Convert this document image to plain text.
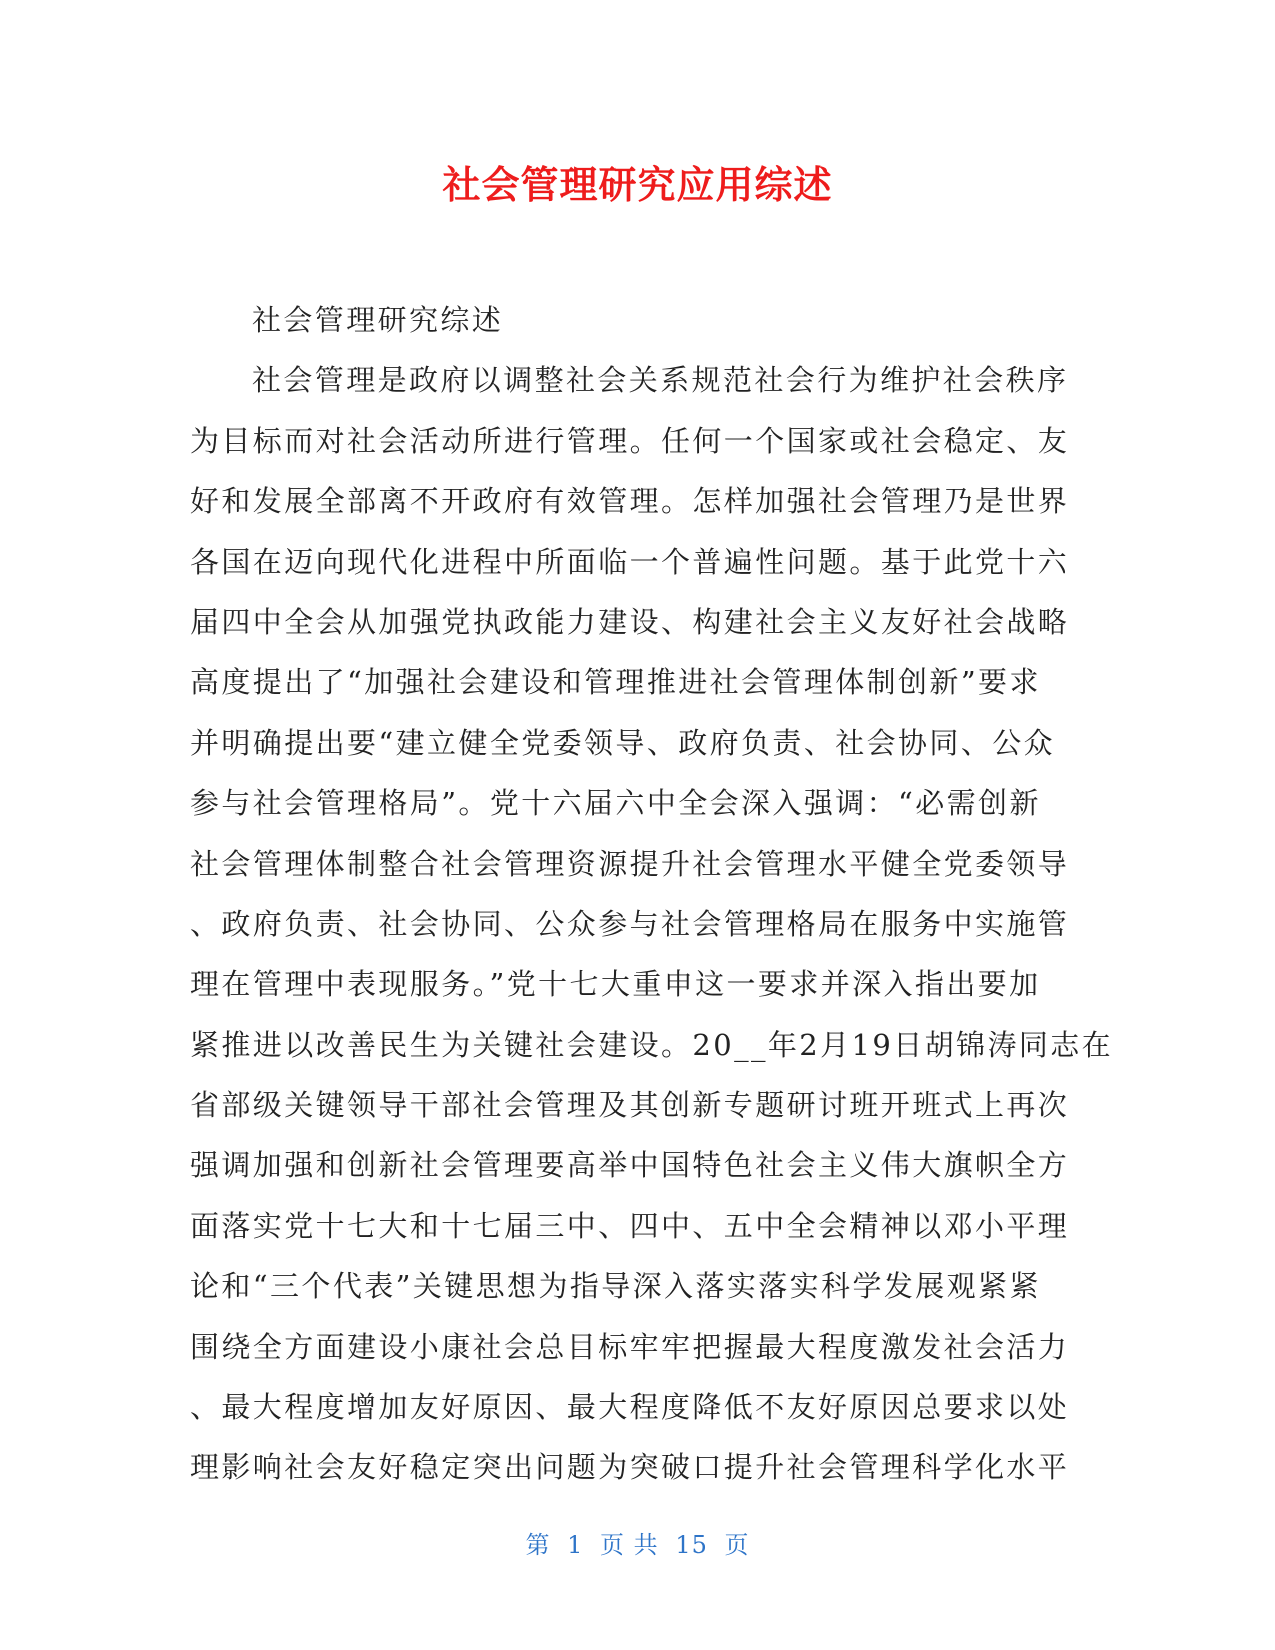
社会管理研究应用综述
社会管理研究综述
社会管理是政府以调整社会关系规范社会行为维护社会秩序
为目标而对社会活动所进行管理。任何一个国家或社会稳定、友
好和发展全部离不开政府有效管理。怎样加强社会管理乃是世界
各国在迈向现代化进程中所面临一个普遍性问题。基于此党十六
届四中全会从加强党执政能力建设、构建社会主义友好社会战略
高度提出了“加强社会建设和管理推进社会管理体制创新”要求
并明确提出要“建立健全党委领导、政府负责、社会协同、公众
参与社会管理格局”。党十六届六中全会深入强调：“必需创新
社会管理体制整合社会管理资源提升社会管理水平健全党委领导
、政府负责、社会协同、公众参与社会管理格局在服务中实施管
理在管理中表现服务。”党十七大重申这一要求并深入指出要加
紧推进以改善民生为关键社会建设。20__年2月19日胡锦涛同志在
省部级关键领导干部社会管理及其创新专题研讨班开班式上再次
强调加强和创新社会管理要高举中国特色社会主义伟大旗帜全方
面落实党十七大和十七届三中、四中、五中全会精神以邓小平理
论和“三个代表”关键思想为指导深入落实落实科学发展观紧紧
围绕全方面建设小康社会总目标牢牢把握最大程度激发社会活力
、最大程度增加友好原因、最大程度降低不友好原因总要求以处
理影响社会友好稳定突出问题为突破口提升社会管理科学化水平
第 1 页 共 15 页
